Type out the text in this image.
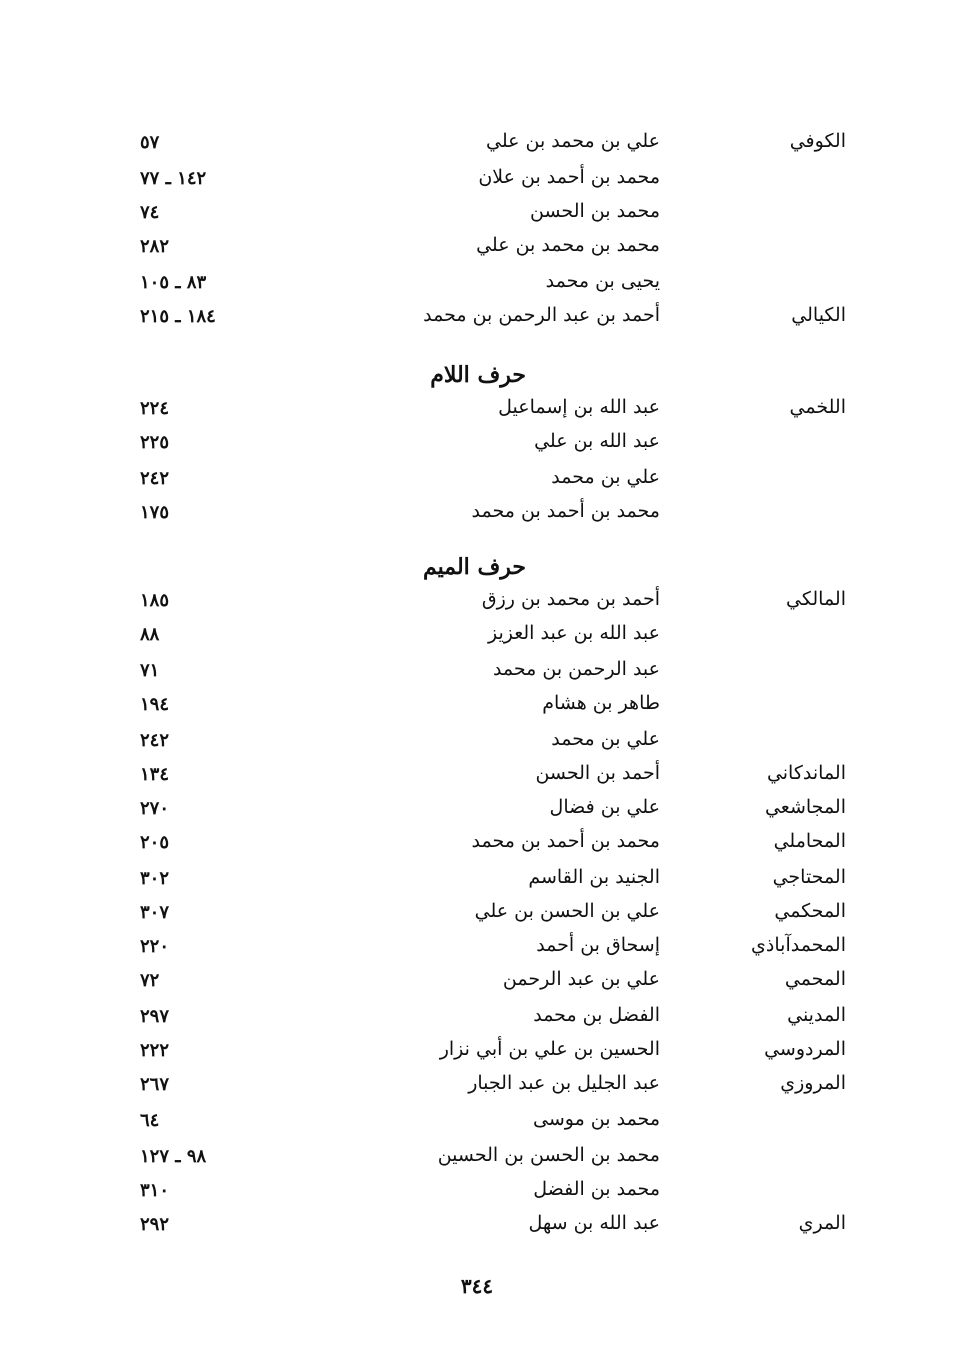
الكوفي
علي بن محمد بن علي
٥٧
محمد بن أحمد بن علان
١٤٢ ـ ٧٧
محمد بن الحسن
٧٤
محمد بن محمد بن علي
٢٨٢
يحيى بن محمد
٨٣ ـ ١٠٥
الكيالي
أحمد بن عبد الرحمن بن محمد
١٨٤ ـ ٢١٥
حرف اللام
اللخمي
عبد الله بن إسماعيل
٢٢٤
عبد الله بن علي
٢٢٥
علي بن محمد
٢٤٢
محمد بن أحمد بن محمد
١٧٥
حرف الميم
المالكي
أحمد بن محمد بن رزق
١٨٥
عبد الله بن عبد العزيز
٨٨
عبد الرحمن بن محمد
٧١
طاهر بن هشام
١٩٤
علي بن محمد
٢٤٢
الماندكاني
أحمد بن الحسن
١٣٤
المجاشعي
علي بن فضال
٢٧٠
المحاملي
محمد بن أحمد بن محمد
٢٠٥
المحتاجي
الجنيد بن القاسم
٣٠٢
المحكمي
علي بن الحسن بن علي
٣٠٧
المحمدآباذي
إسحاق بن أحمد
٢٢٠
المحمي
علي بن عبد الرحمن
٧٢
المديني
الفضل بن محمد
٢٩٧
المردوسي
الحسين بن علي بن أبي نزار
٢٢٢
المروزي
عبد الجليل بن عبد الجبار
٢٦٧
محمد بن موسى
٦٤
محمد بن الحسن بن الحسين
٩٨ ـ ١٢٧
محمد بن الفضل
٣١٠
المري
عبد الله بن سهل
٢٩٢
٣٤٤
